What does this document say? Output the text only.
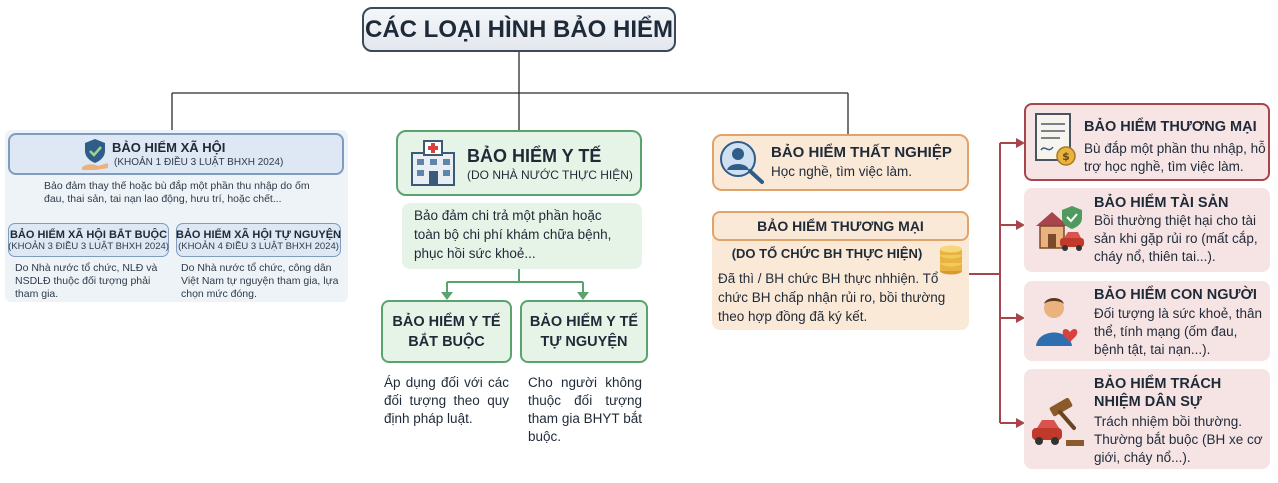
CÁC LOẠI HÌNH BẢO HIỂM
BẢO HIỂM XÃ HỘI
(KHOẢN 1 ĐIỀU 3 LUẬT BHXH 2024)
Bảo đảm thay thế hoặc bù đắp một phần thu nhập do ốm đau, thai sản, tai nạn lao động, hưu trí, hoặc chết...
BẢO HIỂM XÃ HỘI BẮT BUỘC
(KHOẢN 3 ĐIỀU 3 LUẬT BHXH 2024)
BẢO HIỂM XÃ HỘI TỰ NGUYỆN
(KHOẢN 4 ĐIỀU 3 LUẬT BHXH 2024)
Do Nhà nước tổ chức, NLĐ và NSDLĐ thuộc đối tượng phải tham gia.
Do Nhà nước tổ chức, công dân Việt Nam tự nguyện tham gia, lựa chọn mức đóng.
BẢO HIỂM Y TẾ
(DO NHÀ NƯỚC THỰC HIỆN)
Bảo đảm chi trả một phần hoặc toàn bộ chi phí khám chữa bệnh, phục hồi sức khoẻ...
BẢO HIỂM Y TẾ
BẮT BUỘC
BẢO HIỂM Y TẾ
TỰ NGUYỆN
Áp dụng đối với các đối tượng theo quy định pháp luật.
Cho người không thuộc đối tượng tham gia BHYT bắt buộc.
BẢO HIỂM THẤT NGHIỆP
Học nghề, tìm việc làm.
BẢO HIỂM THƯƠNG MẠI
(DO TỔ CHỨC BH THỰC HIỆN)
Đã thì / BH chức BH thực nhhiện. Tổ chức BH chấp nhận rủi ro, bồi thường theo hợp đồng đã ký kết.
$
BẢO HIỂM THƯƠNG MẠI
Bù đắp một phần thu nhập, hỗ trợ học nghề, tìm việc làm.
BẢO HIỂM TÀI SẢN
Bồi thường thiệt hại cho tài sản khi gặp rủi ro (mất cắp, cháy nổ, thiên tai...).
BẢO HIỂM CON NGƯỜI
Đối tượng là sức khoẻ, thân thể, tính mạng (ốm đau, bệnh tật, tai nạn...).
BẢO HIỂM TRÁCH
NHIỆM DÂN SỰ
Trách nhiệm bồi thường. Thường bắt buộc (BH xe cơ giới, cháy nổ...).
